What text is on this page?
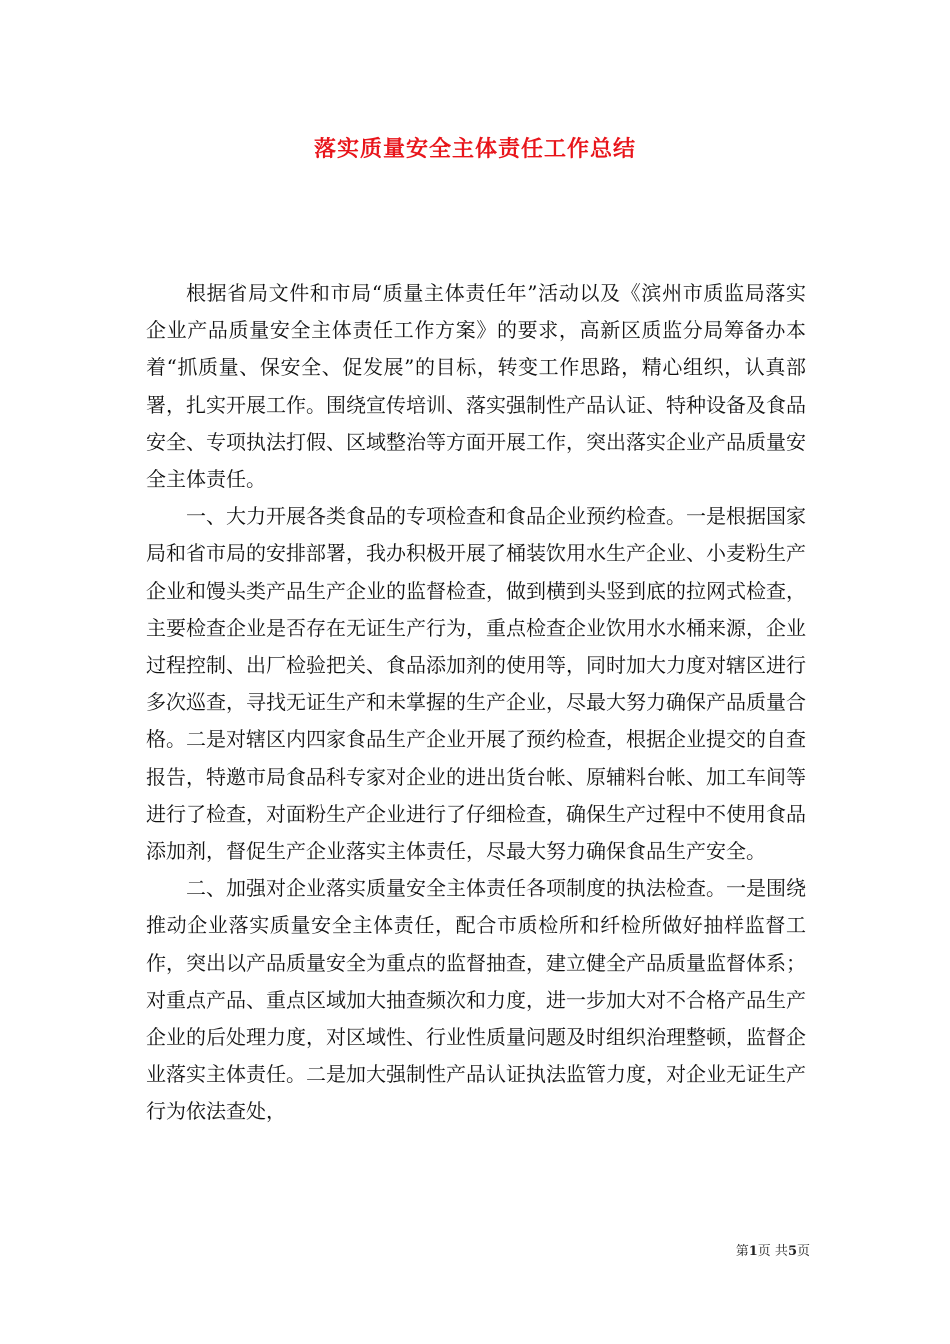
落实质量安全主体责任工作总结

根据省局文件和市局“质量主体责任年”活动以及《滨州市质监局落实企业产品质量安全主体责任工作方案》的要求，高新区质监分局筹备办本着“抓质量、保安全、促发展”的目标，转变工作思路，精心组织，认真部署，扎实开展工作。围绕宣传培训、落实强制性产品认证、特种设备及食品安全、专项执法打假、区域整治等方面开展工作，突出落实企业产品质量安全主体责任。

一、大力开展各类食品的专项检查和食品企业预约检查。一是根据国家局和省市局的安排部署，我办积极开展了桶装饮用水生产企业、小麦粉生产企业和馒头类产品生产企业的监督检查，做到横到头竖到底的拉网式检查，主要检查企业是否存在无证生产行为，重点检查企业饮用水水桶来源，企业过程控制、出厂检验把关、食品添加剂的使用等，同时加大力度对辖区进行多次巡查，寻找无证生产和未掌握的生产企业，尽最大努力确保产品质量合格。二是对辖区内四家食品生产企业开展了预约检查，根据企业提交的自查报告，特邀市局食品科专家对企业的进出货台帐、原辅料台帐、加工车间等进行了检查，对面粉生产企业进行了仔细检查，确保生产过程中不使用食品添加剂，督促生产企业落实主体责任，尽最大努力确保食品生产安全。

二、加强对企业落实质量安全主体责任各项制度的执法检查。一是围绕推动企业落实质量安全主体责任，配合市质检所和纤检所做好抽样监督工作，突出以产品质量安全为重点的监督抽查，建立健全产品质量监督体系；对重点产品、重点区域加大抽查频次和力度，进一步加大对不合格产品生产企业的后处理力度，对区域性、行业性质量问题及时组织治理整顿，监督企业落实主体责任。二是加大强制性产品认证执法监管力度，对企业无证生产行为依法查处，

第1页 共5页
